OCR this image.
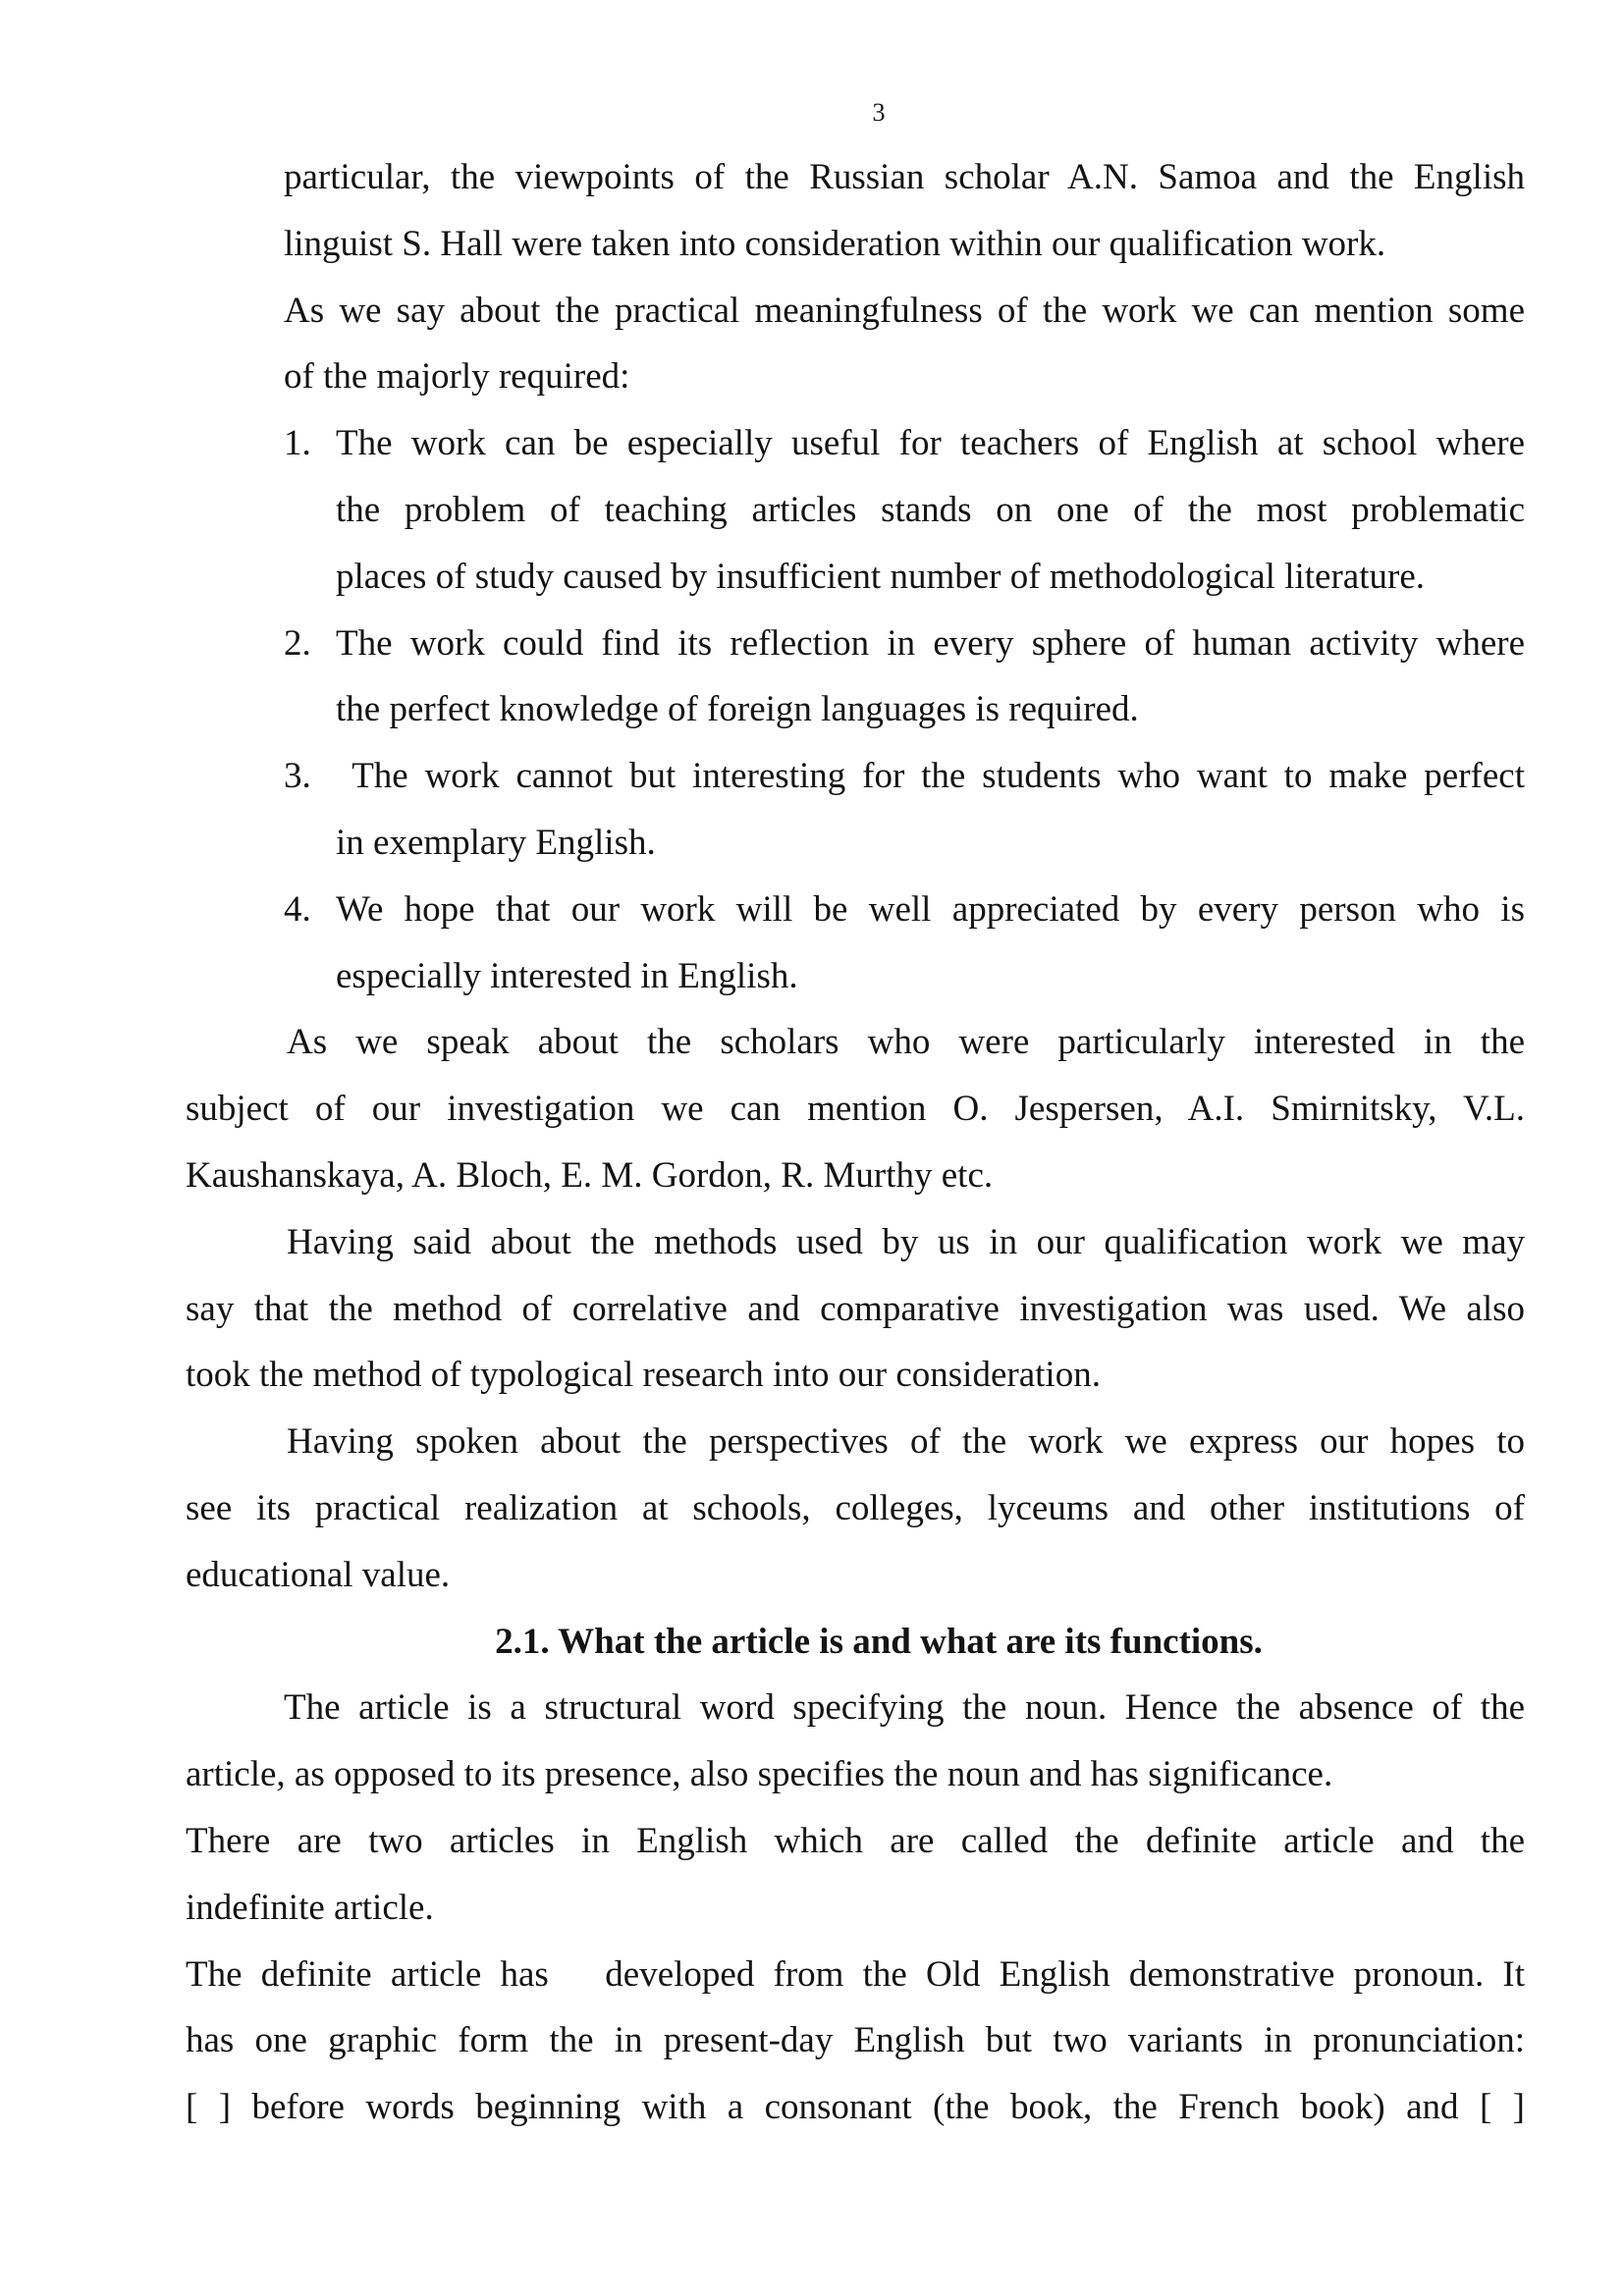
3
particular, the viewpoints of the Russian scholar A.N. Samoa and the English
linguist S. Hall were taken into consideration within our qualification work.
As we say about the practical meaningfulness of the work we can mention some
of the majorly required:
1. The work can be especially useful for teachers of English at school where
the problem of teaching articles stands on one of the most problematic
places of study caused by insufficient number of methodological literature.
2. The work could find its reflection in every sphere of human activity where
the perfect knowledge of foreign languages is required.
3. The work cannot but interesting for the students who want to make perfect
in exemplary English.
4. We hope that our work will be well appreciated by every person who is
especially interested in English.
As we speak about the scholars who were particularly interested in the
subject of our investigation we can mention O. Jespersen, A.I. Smirnitsky, V.L.
Kaushanskaya, A. Bloch, E. M. Gordon, R. Murthy etc.
Having said about the methods used by us in our qualification work we may
say that the method of correlative and comparative investigation was used. We also
took the method of typological research into our consideration.
Having spoken about the perspectives of the work we express our hopes to
see its practical realization at schools, colleges, lyceums and other institutions of
educational value.
2.1. What the article is and what are its functions.
The article is a structural word specifying the noun. Hence the absence of the
article, as opposed to its presence, also specifies the noun and has significance.
There are two articles in English which are called the definite article and the
indefinite article.
The definite article has   developed from the Old English demonstrative pronoun. It
has one graphic form the in present-day English but two variants in pronunciation:
[ ] before words beginning with a consonant (the book, the French book) and [ ]
